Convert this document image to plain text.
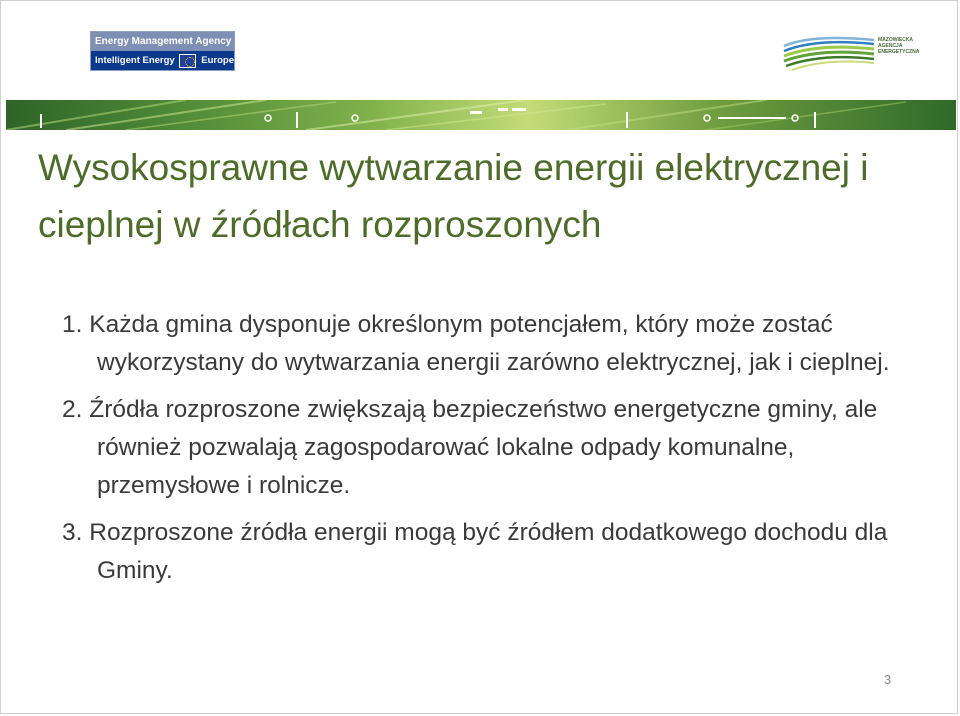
Energy Management Agency
Intelligent Energy	Europe
MAZOWIECKA AGENCJA ENERGETYCZNA
Wysokosprawne wytwarzanie energii elektrycznej i cieplnej w źródłach rozproszonych
1. Każda gmina dysponuje określonym potencjałem, który może zostać wykorzystany do wytwarzania energii zarówno elektrycznej, jak i cieplnej.
2. Źródła rozproszone zwiększają bezpieczeństwo energetyczne gminy, ale również pozwalają zagospodarować lokalne odpady komunalne, przemysłowe i rolnicze.
3. Rozproszone źródła energii mogą być źródłem dodatkowego dochodu dla Gminy.
3
